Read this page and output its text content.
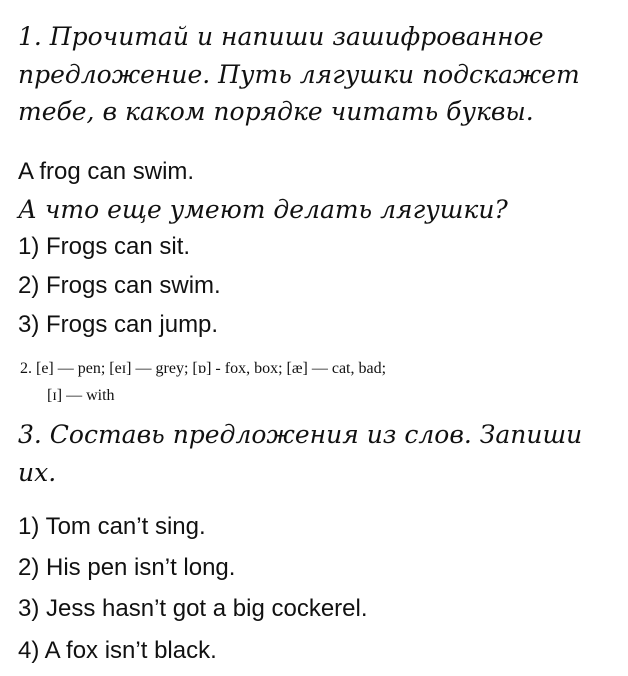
1. Прочитай и напиши зашифрованное
предложение. Путь лягушки подскажет
тебе, в каком порядке читать буквы.
A frog can swim.
А что еще умеют делать лягушки?
1) Frogs can sit.
2) Frogs can swim.
3) Frogs can jump.
2. [e] — pen; [eɪ] — grey; [ɒ] - fox, box; [æ] — cat, bad;
[ɪ] — with
3. Составь предложения из слов. Запиши
их.
1) Tom can’t sing.
2) His pen isn’t long.
3) Jess hasn’t got a big cockerel.
4) A fox isn’t black.
